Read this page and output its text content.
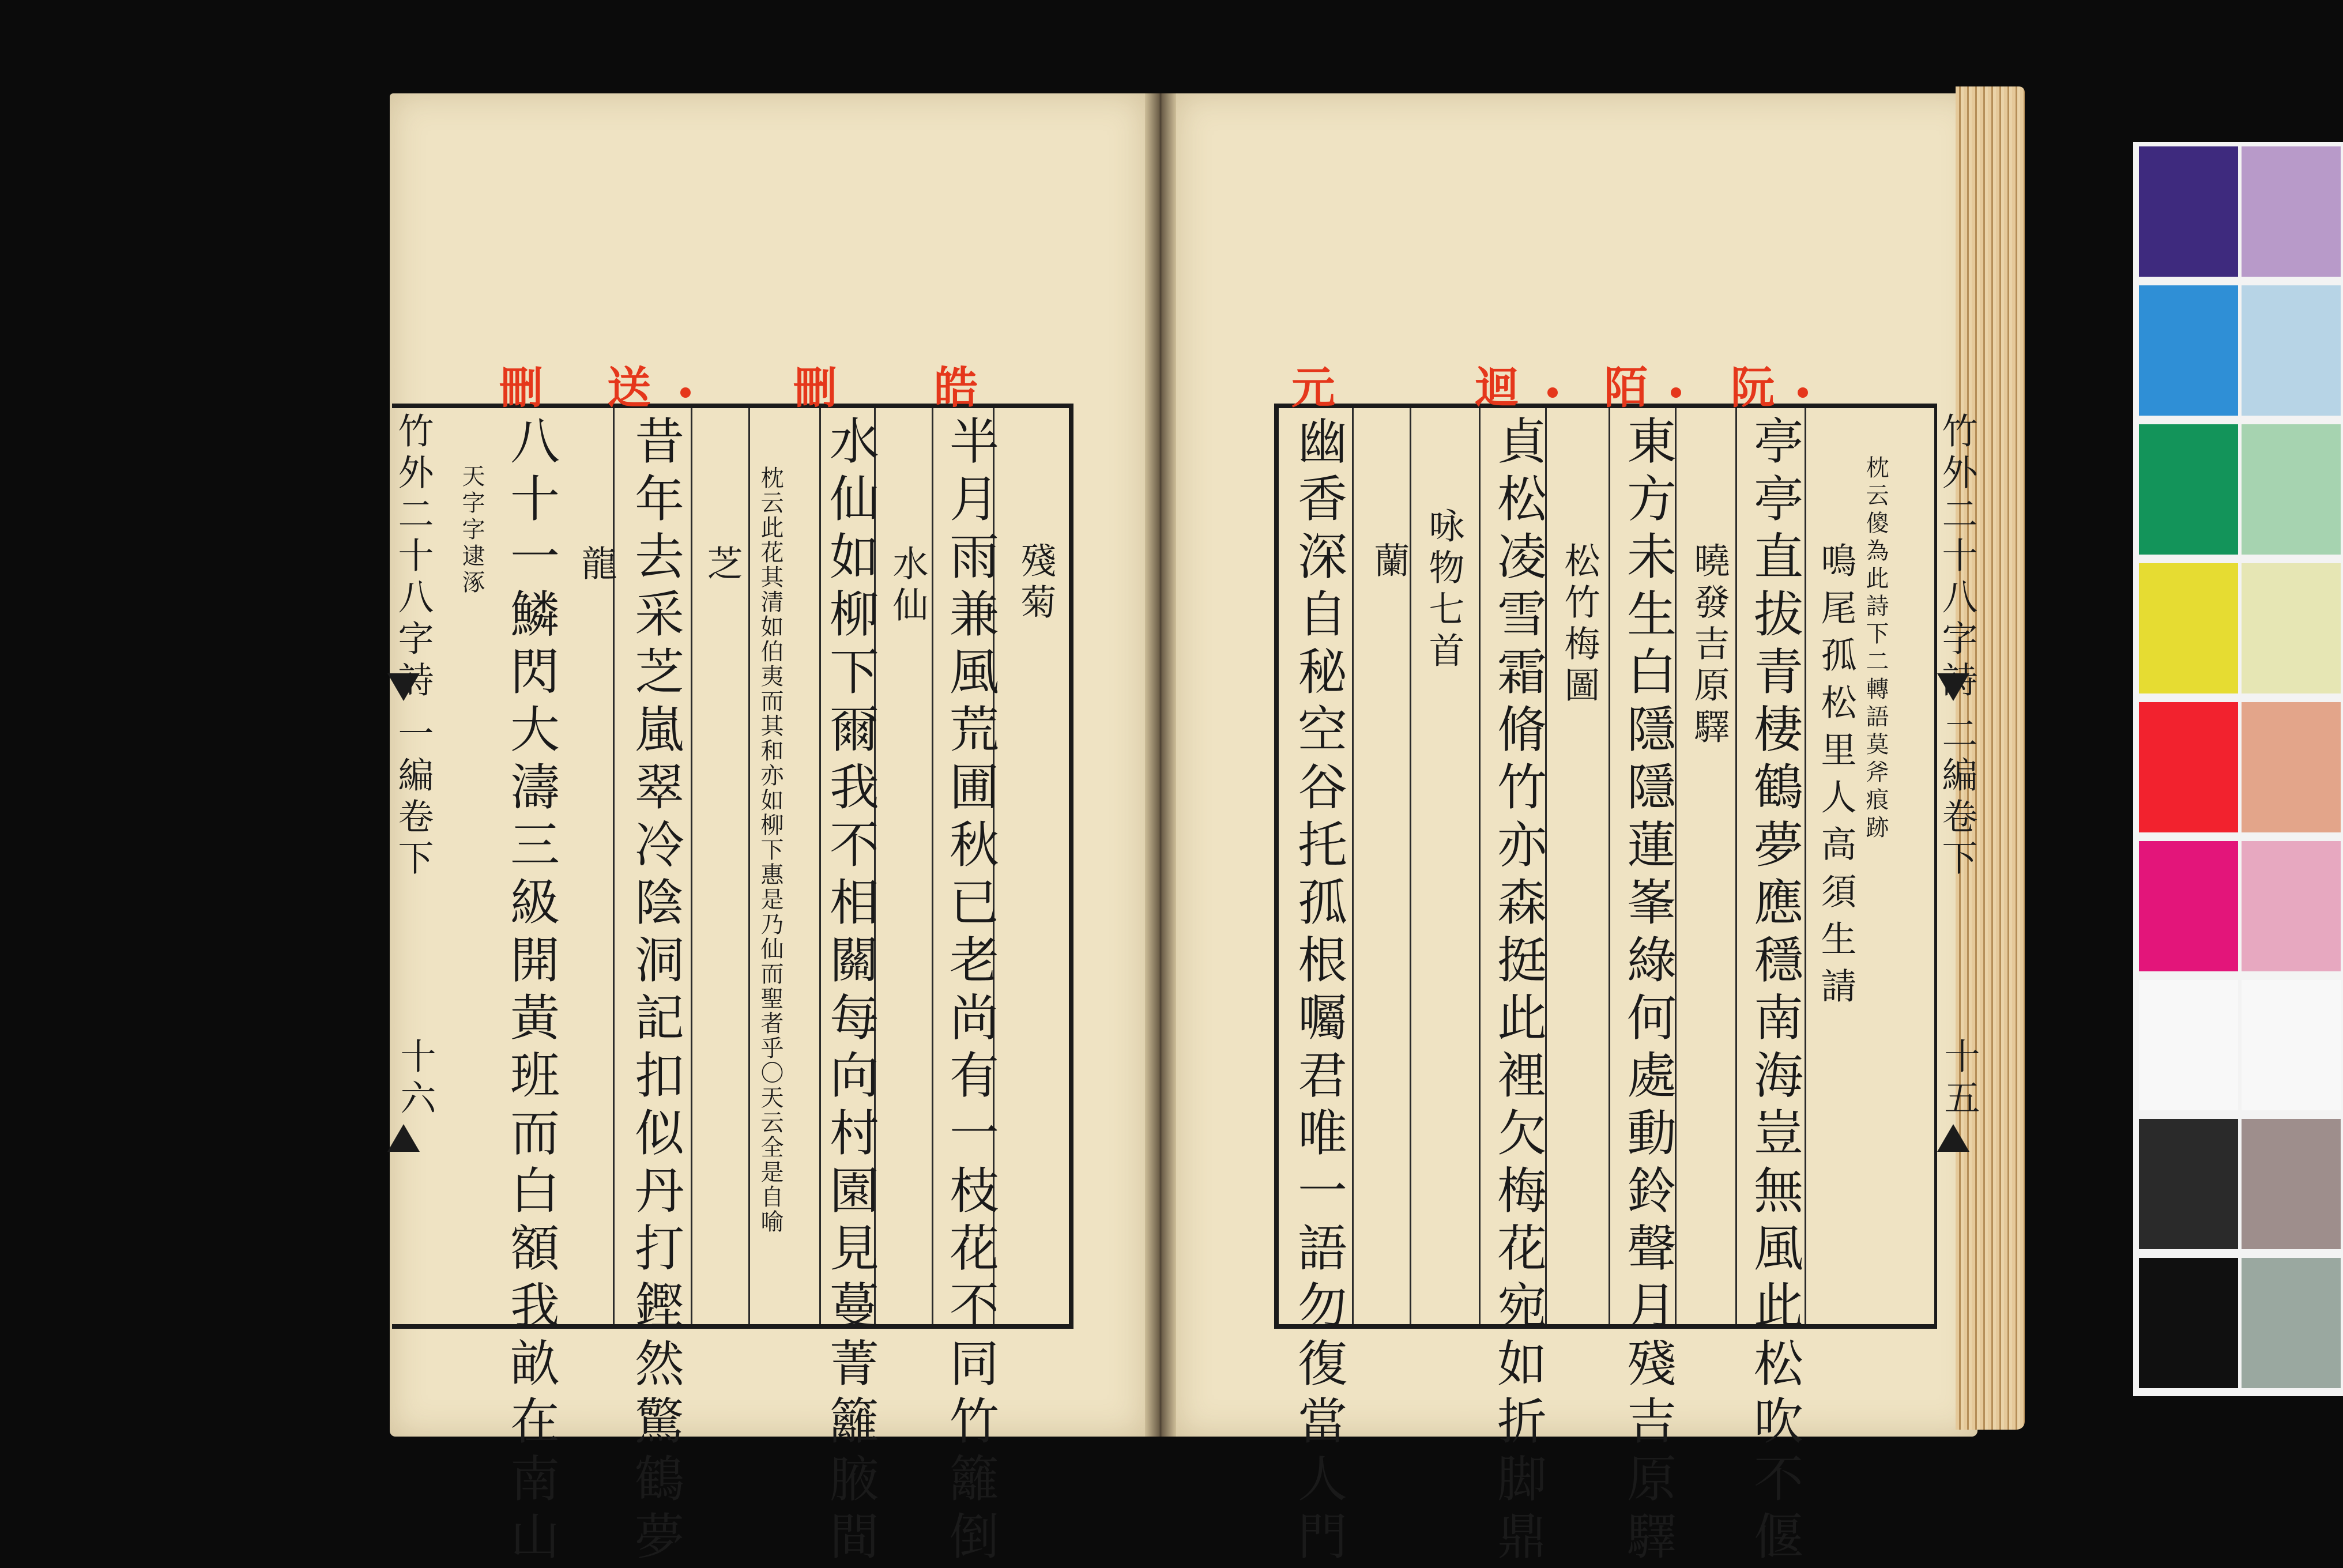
刪 送	刪 皓
竹外二十八字詩
一編卷下
十六
殘菊
半月雨兼風荒圃秋已老尚有一枝花不同竹籬倒
水仙
水仙如柳下爾我不相關每向村園見蔓菁籬腋間
枕云此花其清如伯夷而其和亦如柳下惠是乃仙而聖者乎〇天云全是自喻
芝
昔年去采芝嵐翠冷陰洞記扣似丹打鏗然驚鶴夢
龍
天字字逮涿 八十一鱗閃大濤三級開黃班而白額我畝在南山
元	迴 陌 阮
竹外二十八字詩
二編卷下
十五
枕云傻為此詩下二轉語莫斧痕跡
鳴尾孤松里人高須生請
亭亭直拔青棲鶴夢應穩南海豈無風此松吹不偃
曉發吉原驛
東方未生白隱隱蓮峯綠何處動鈴聲月殘吉原驛
松竹梅圖
貞松凌雪霜脩竹亦森挺此裡欠梅花宛如折脚鼎
咏物七首
蘭
幽香深自秘空谷托孤根囑君唯一語勿復當人門
